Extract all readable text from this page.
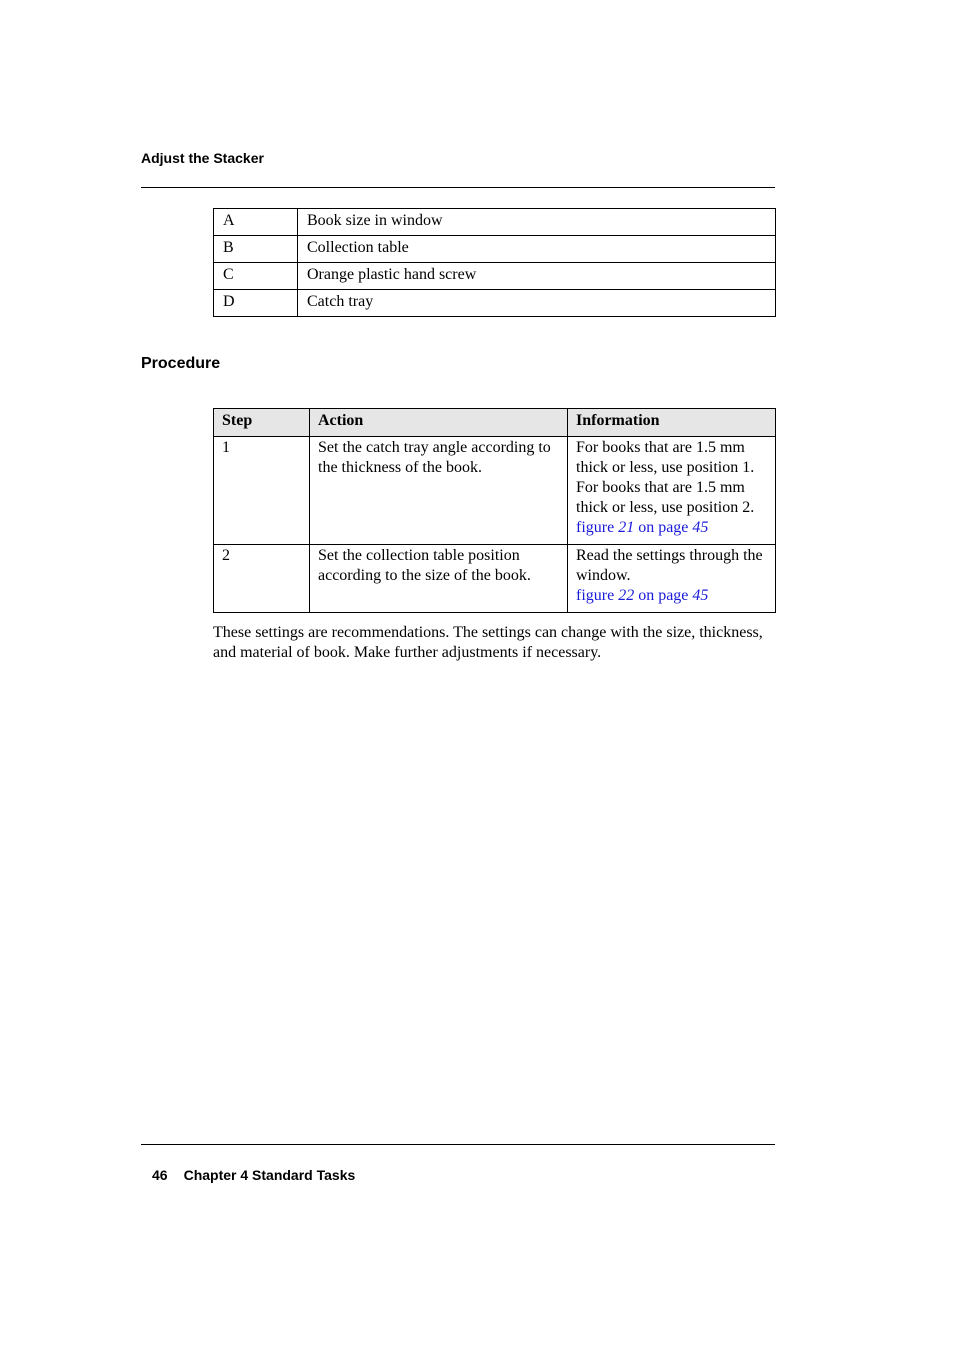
Adjust the Stacker
A	Book size in window
B	Collection table
C	Orange plastic hand screw
D	Catch tray
Procedure
Step	Action	Information
1	Set the catch tray angle according to the thickness of the book.	For books that are 1.5 mm thick or less, use position 1.
For books that are 1.5 mm thick or less, use position 2.
figure 21 on page 45

2	Set the collection table position according to the size of the book.	Read the settings through the window.
figure 22 on page 45
These settings are recommendations. The settings can change with the size, thickness, and material of book. Make further adjustments if necessary.
46 Chapter 4 Standard Tasks
